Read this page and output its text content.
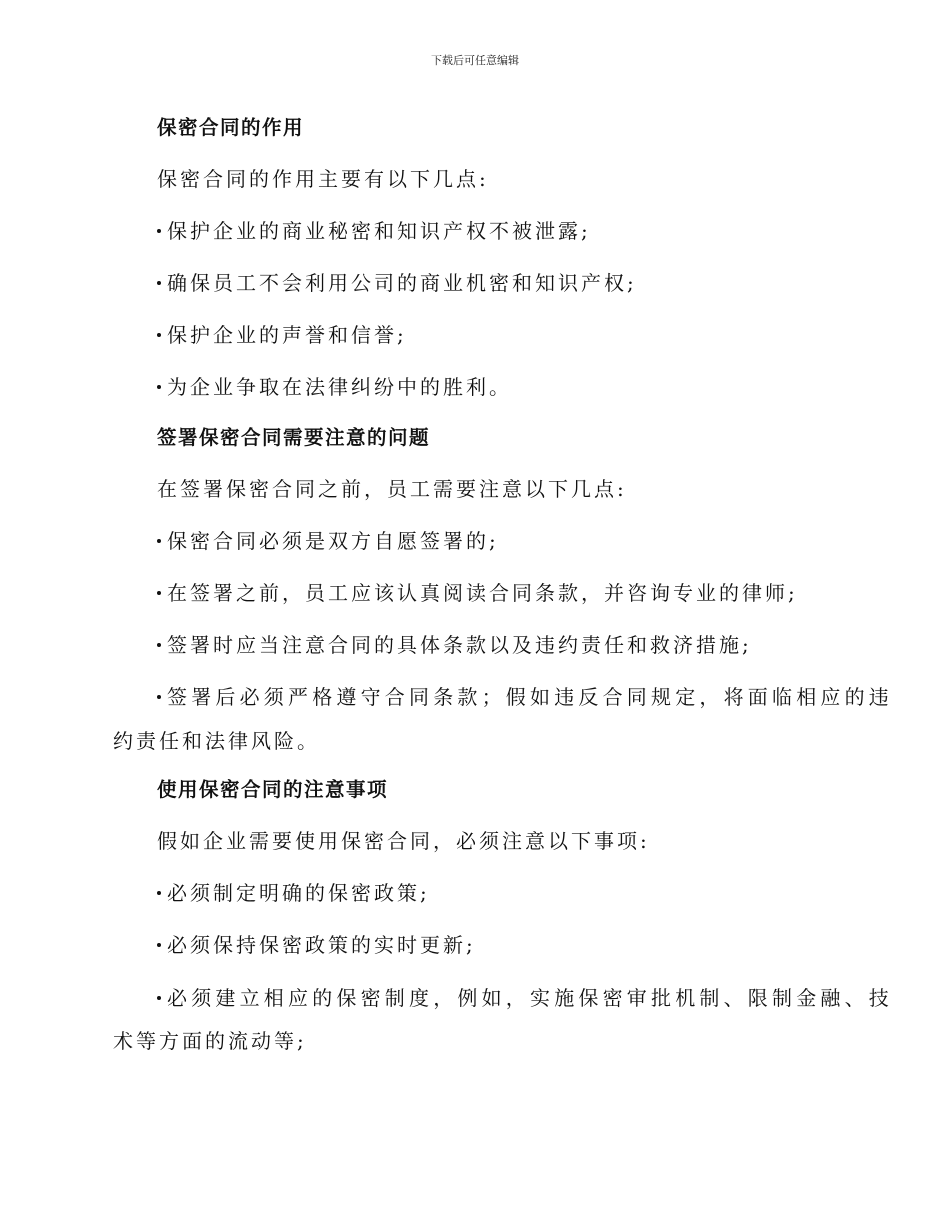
下载后可任意编辑
保密合同的作用
保密合同的作用主要有以下几点:
保护企业的商业秘密和知识产权不被泄露;
确保员工不会利用公司的商业机密和知识产权;
保护企业的声誉和信誉;
为企业争取在法律纠纷中的胜利。
签署保密合同需要注意的问题
在签署保密合同之前，员工需要注意以下几点:
保密合同必须是双方自愿签署的;
在签署之前，员工应该认真阅读合同条款，并咨询专业的律师;
签署时应当注意合同的具体条款以及违约责任和救济措施;
签署后必须严格遵守合同条款；假如违反合同规定，将面临相应的违
约责任和法律风险。
使用保密合同的注意事项
假如企业需要使用保密合同，必须注意以下事项:
必须制定明确的保密政策;
必须保持保密政策的实时更新;
必须建立相应的保密制度，例如，实施保密审批机制、限制金融、技
术等方面的流动等;
